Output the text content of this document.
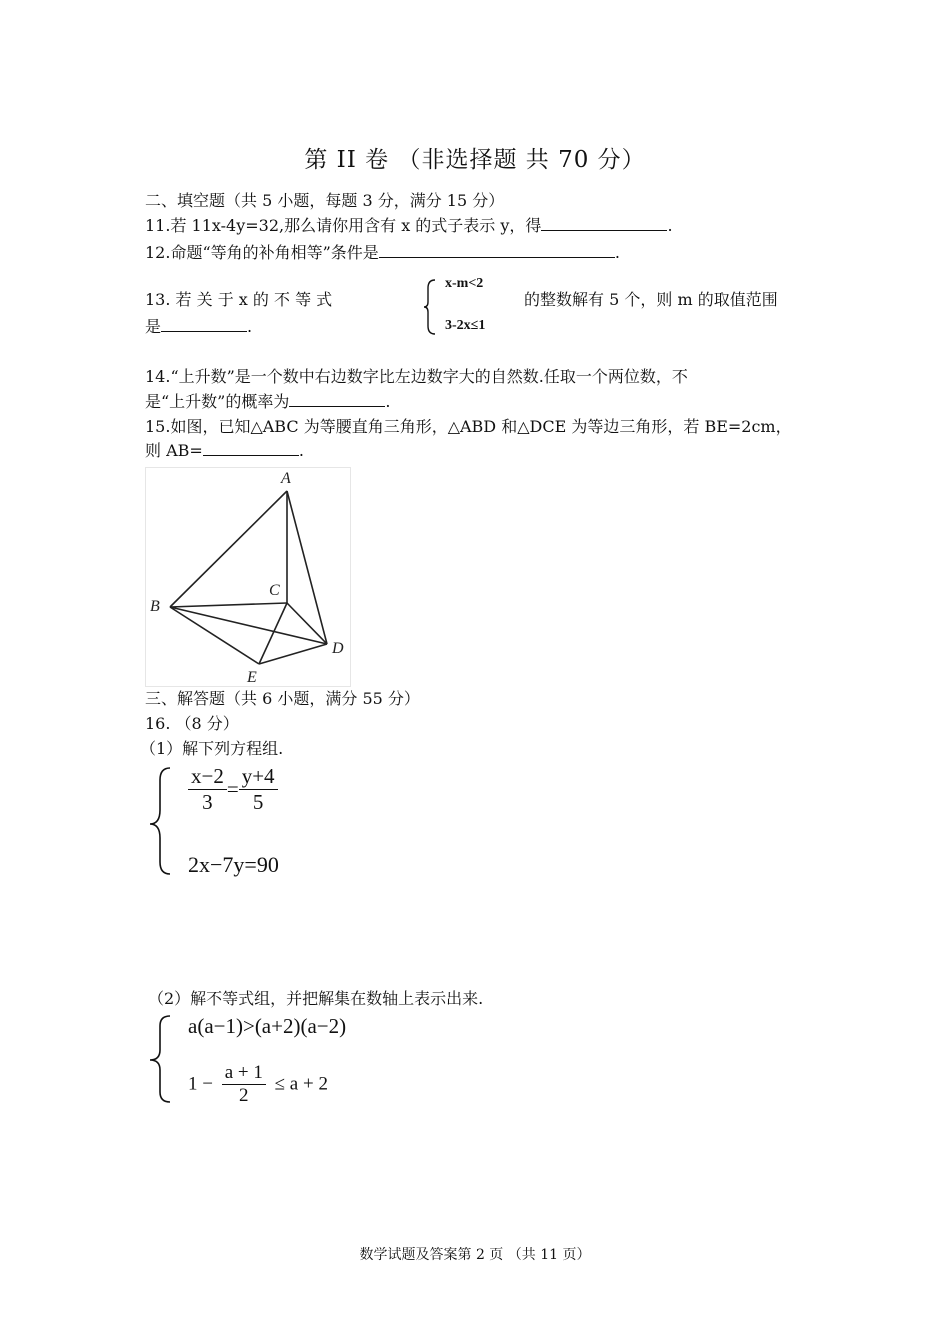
第 II 卷 （非选择题 共 70 分）
二、填空题（共 5 小题，每题 3 分，满分 15 分）
11.若 11x-4y=32,那么请你用含有 x 的式子表示 y，得	.
12.命题“等角的补角相等”条件是	.
13. 若 关 于 x 的 不 等 式
x-m<2
3-2x≤1
的整数解有 5 个，则 m 的取值范围
是	.
14.“上升数”是一个数中右边数字比左边数字大的自然数.任取一个两位数，不
是“上升数”的概率为	.
15.如图，已知△ABC 为等腰直角三角形，△ABD 和△DCE 为等边三角形，若 BE=2cm，
则 AB=	.
A
B
C
D
E
三、解答题（共 6 小题，满分 55 分）
16. （8 分）
（1）解下列方程组.
$\frac{x-2}{3} = \frac{y+4}{5}$
2x−7y=90
（2）解不等式组，并把解集在数轴上表示出来.
a(a−1)>(a+2)(a−2)
$1 - \frac{a + 1}{2} \le a + 2$
数学试题及答案第 2 页 （共 11 页）
